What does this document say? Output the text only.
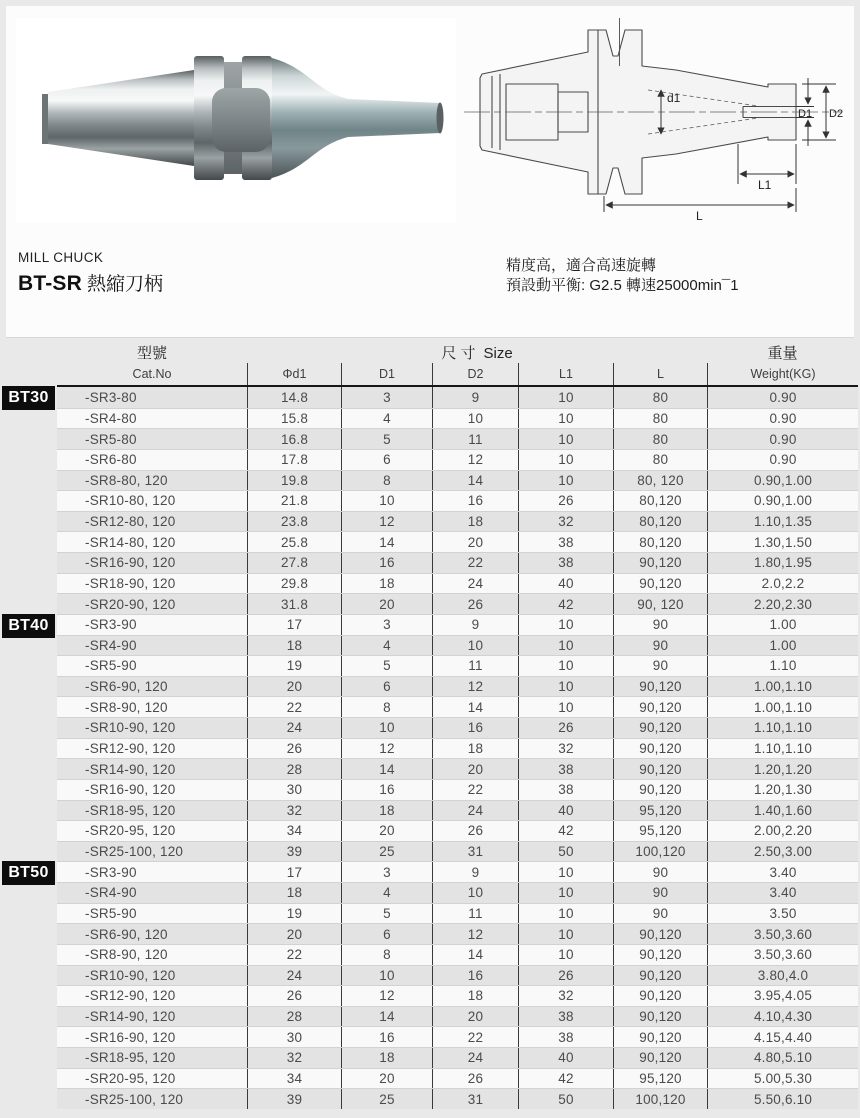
d1
D1 D2
L1
L
MILL CHUCK
BT-SR 熱縮刀柄
精度高，適合高速旋轉
預設動平衡: G2.5 轉速25000min¯1
型號	尺 寸 Size	重量
Cat.No	Φd1	D1	D2	L1	L	Weight(KG)
-SR3-80	14.8	3	9	10	80	0.90
BT30
-SR4-80	15.8	4	10	10	80	0.90
-SR5-80	16.8	5	11	10	80	0.90
-SR6-80	17.8	6	12	10	80	0.90
-SR8-80, 120	19.8	8	14	10	80, 120	0.90,1.00
-SR10-80, 120	21.8	10	16	26	80,120	0.90,1.00
-SR12-80, 120	23.8	12	18	32	80,120	1.10,1.35
-SR14-80, 120	25.8	14	20	38	80,120	1.30,1.50
-SR16-90, 120	27.8	16	22	38	90,120	1.80,1.95
-SR18-90, 120	29.8	18	24	40	90,120	2.0,2.2
-SR20-90, 120	31.8	20	26	42	90, 120	2.20,2.30
-SR3-90	17	3	9	10	90	1.00
BT40
-SR4-90	18	4	10	10	90	1.00
-SR5-90	19	5	11	10	90	1.10
-SR6-90, 120	20	6	12	10	90,120	1.00,1.10
-SR8-90, 120	22	8	14	10	90,120	1.00,1.10
-SR10-90, 120	24	10	16	26	90,120	1.10,1.10
-SR12-90, 120	26	12	18	32	90,120	1.10,1.10
-SR14-90, 120	28	14	20	38	90,120	1.20,1.20
-SR16-90, 120	30	16	22	38	90,120	1.20,1.30
-SR18-95, 120	32	18	24	40	95,120	1.40,1.60
-SR20-95, 120	34	20	26	42	95,120	2.00,2.20
-SR25-100, 120	39	25	31	50	100,120	2.50,3.00
-SR3-90	17	3	9	10	90	3.40
BT50
-SR4-90	18	4	10	10	90	3.40
-SR5-90	19	5	11	10	90	3.50
-SR6-90, 120	20	6	12	10	90,120	3.50,3.60
-SR8-90, 120	22	8	14	10	90,120	3.50,3.60
-SR10-90, 120	24	10	16	26	90,120	3.80,4.0
-SR12-90, 120	26	12	18	32	90,120	3.95,4.05
-SR14-90, 120	28	14	20	38	90,120	4.10,4.30
-SR16-90, 120	30	16	22	38	90,120	4.15,4.40
-SR18-95, 120	32	18	24	40	90,120	4.80,5.10
-SR20-95, 120	34	20	26	42	95,120	5.00,5.30
-SR25-100, 120	39	25	31	50	100,120	5.50,6.10
